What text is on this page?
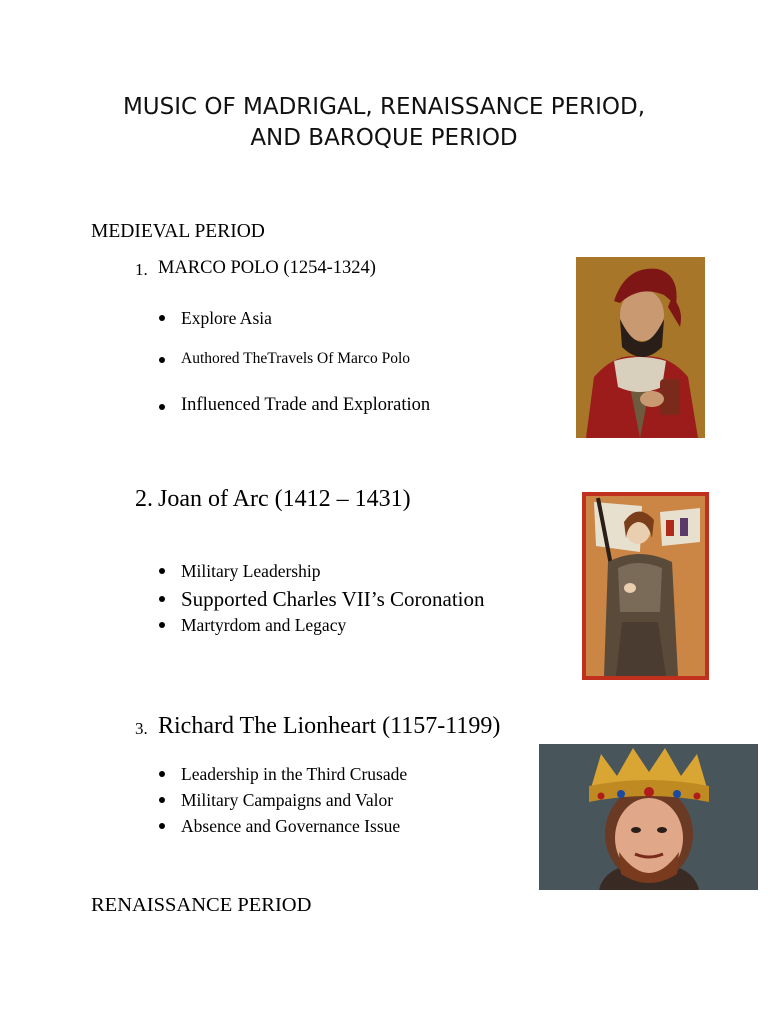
MUSIC OF MADRIGAL, RENAISSANCE PERIOD,
AND BAROQUE PERIOD
MEDIEVAL PERIOD
1. MARCO POLO (1254-1324)
Explore Asia
Authored TheTravels Of Marco Polo
Influenced Trade and Exploration
2. Joan of Arc (1412 – 1431)
Military Leadership
Supported Charles VII’s Coronation
Martyrdom and Legacy
3. Richard The Lionheart (1157-1199)
Leadership in the Third Crusade
Military Campaigns and Valor
Absence and Governance Issue
RENAISSANCE PERIOD
